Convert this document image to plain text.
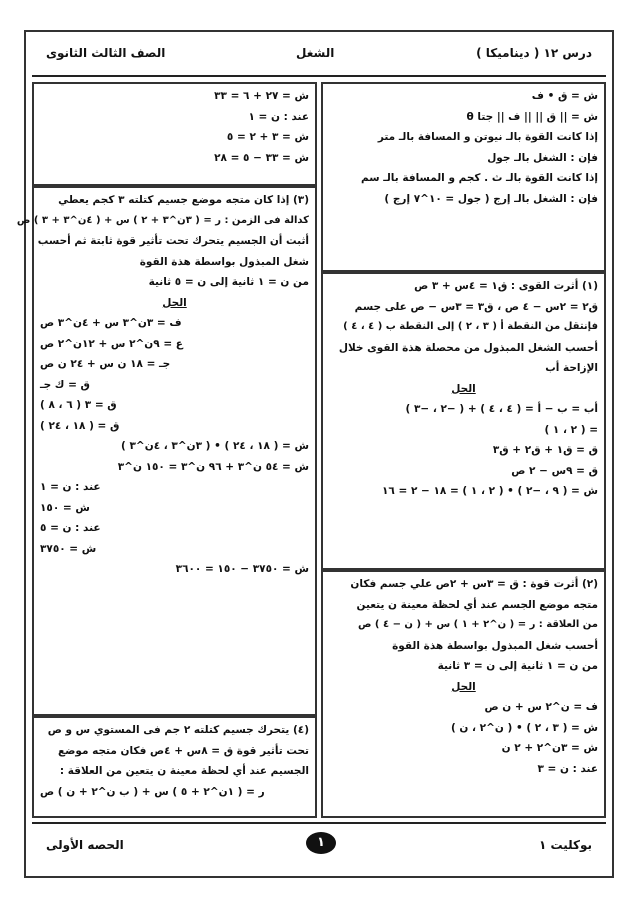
درس ١٢ ( ديناميكا )
الشغل
الصف الثالث الثانوى
ش = ق • ف
ش = || ق || || ف || جتا θ
إذا كانت القوة بالـ نيوتن و المسافة بالـ متر
فإن : الشغل بالـ جول
إذا كانت القوة بالـ ث . كجم و المسافة بالـ سم
فإن : الشغل بالـ إرج ( جول = ١٠^٧ إرج )
(١) أثرت القوى : ق١ = ٤س + ٣ ص
ق٢ = ٢س − ٤ ص ، ق٣ = ٣س − ص على جسم
فإنتقل من النقطة أ ( ٣ ، ٢ ) إلى النقطة ب ( ٤ ، ٤ )
أحسب الشغل المبذول من محصلة هذة القوى خلال
الإزاحة أب
الحل
أب = ب − أ = ( ٤ ، ٤ ) + ( −٢ ، −٣ )
= ( ٢ ، ١ )
ق = ق١ + ق٢ + ق٣
ق = ٩س − ٢ ص
ش = ( ٩ ، −٢ ) • ( ٢ ، ١ ) = ١٨ − ٢ = ١٦
(٢) أثرت قوة : ق = ٣س + ٢ص علي جسم فكان
متجه موضع الجسم عند أي لحظة معينة ن يتعين
من العلاقة : ر = ( ن^٢ + ١ ) س + ( ن − ٤ ) ص
أحسب شغل المبذول بواسطة هذة القوة
من ن = ١ ثانية إلى ن = ٣ ثانية
الحل
ف = ن^٢ س + ن ص
ش = ( ٣ ، ٢ ) • ( ن^٢ ، ن )
ش = ٣ن^٢ + ٢ ن
عند : ن = ٣
ش = ٢٧ + ٦ = ٣٣
عند : ن = ١
ش = ٣ + ٢ = ٥
ش = ٣٣ − ٥ = ٢٨
(٣) إذا كان متجه موضع جسيم كتلته ٣ كجم يعطي
كدالة فى الزمن : ر = ( ٣ن^٣ + ٢ ) س + ( ٤ن^٣ + ٣ ) ص
أثبت أن الجسيم يتحرك تحت تأثير قوة ثابتة ثم أحسب
شغل المبذول بواسطة هذة القوة
من ن = ١ ثانية إلى ن = ٥ ثانية
الحل
ف = ٣ن^٣ س + ٤ن^٣ ص
ع = ٩ن^٢ س + ١٢ن^٢ ص
جـ = ١٨ ن س + ٢٤ ن ص
ق = ك جـ
ق = ٣ ( ٦ ، ٨ )
ق = ( ١٨ ، ٢٤ )
ش = ( ١٨ ، ٢٤ ) • ( ٣ن^٣ ، ٤ن^٣ )
ش = ٥٤ ن^٣ + ٩٦ ن^٣ = ١٥٠ ن^٣
عند : ن = ١
ش = ١٥٠
عند : ن = ٥
ش = ٣٧٥٠
ش = ٣٧٥٠ − ١٥٠ = ٣٦٠٠
(٤) يتحرك جسيم كتلته ٢ جم فى المستوي س و ص
تحت تأثير قوة ق = ٨س + ٤ص فكان متجه موضع
الجسيم عند أي لحظة معينة ن يتعين من العلاقة :
ر = ( ١ن^٢ + ٥ ) س + ( ب ن^٢ + ن ) ص
بوكليت ١
١
الحصه الأولى
